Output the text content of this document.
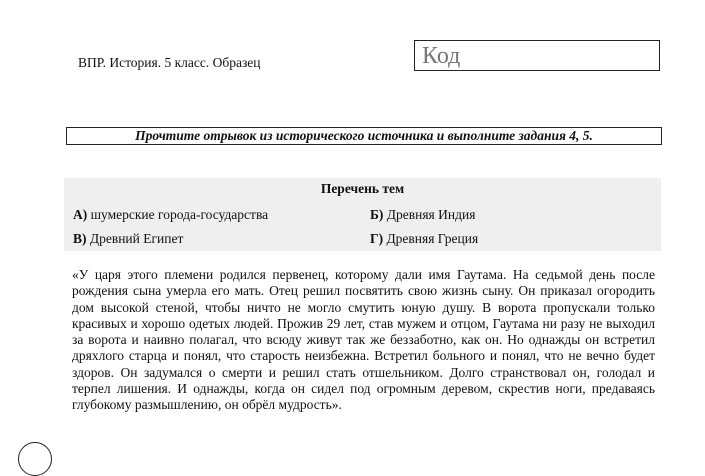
ВПР. История. 5 класс. Образец	Код
Прочтите отрывок из исторического источника и выполните задания 4, 5.
Перечень тем
А) шумерские города-государства	Б) Древняя Индия
В) Древний Египет	Г) Древняя Греция
«У царя этого племени родился первенец, которому дали имя Гаутама. На седьмой день после рождения сына умерла его мать. Отец решил посвятить свою жизнь сыну. Он приказал огородить дом высокой стеной, чтобы ничто не могло смутить юную душу. В ворота пропускали только красивых и хорошо одетых людей. Прожив 29 лет, став мужем и отцом, Гаутама ни разу не выходил за ворота и наивно полагал, что всюду живут так же беззаботно, как он. Но однажды он встретил дряхлого старца и понял, что старость неизбежна. Встретил больного и понял, что не вечно будет здоров. Он задумался о смерти и решил стать отшельником. Долго странствовал он, голодал и терпел лишения. И однажды, когда он сидел под огромным деревом, скрестив ноги, предаваясь глубокому размышлению, он обрёл мудрость».
